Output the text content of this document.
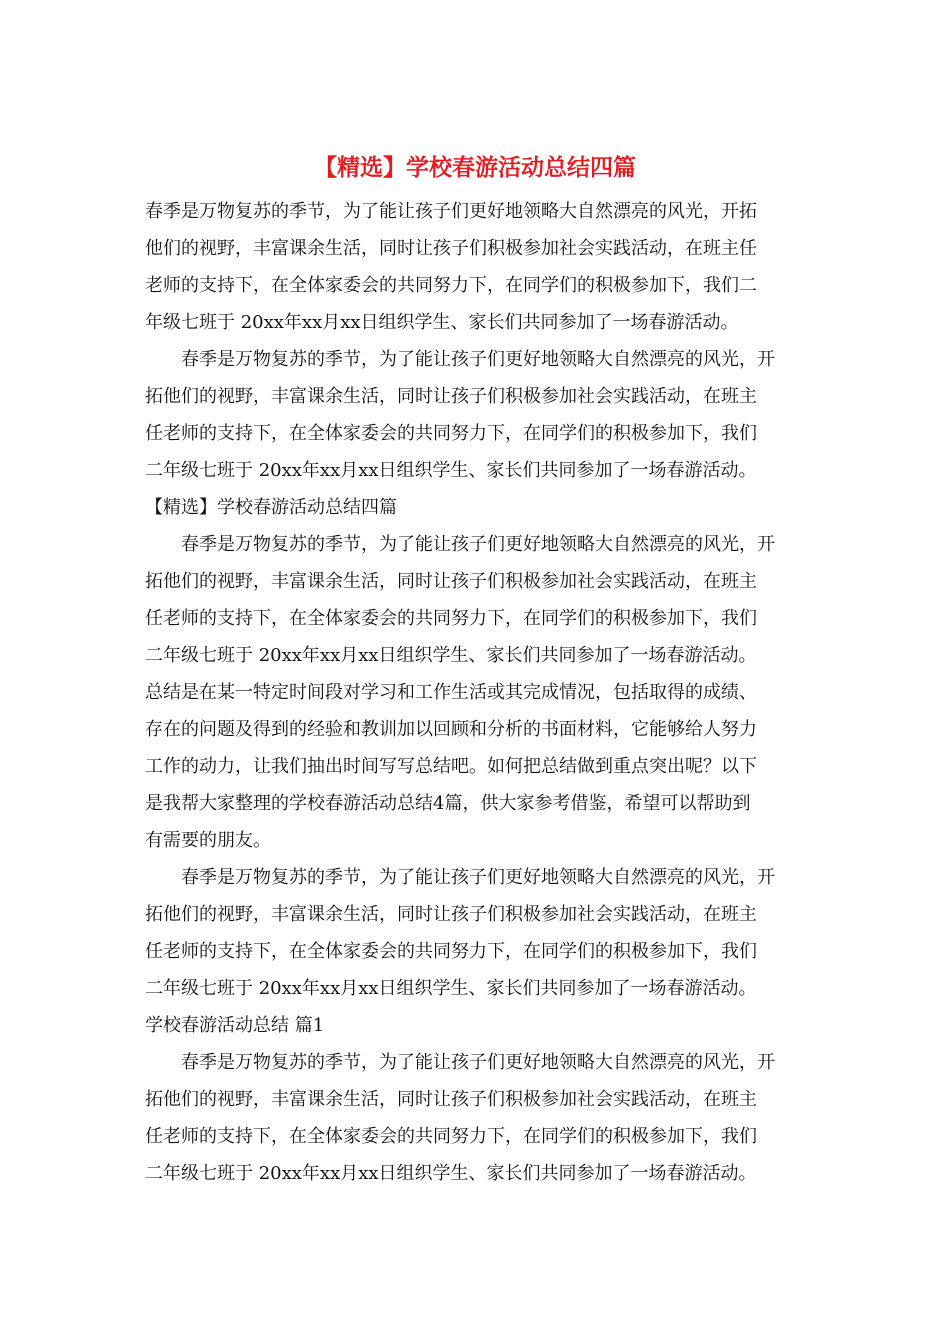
【精选】学校春游活动总结四篇
春季是万物复苏的季节，为了能让孩子们更好地领略大自然漂亮的风光，开拓
他们的视野，丰富课余生活，同时让孩子们积极参加社会实践活动，在班主任
老师的支持下，在全体家委会的共同努力下，在同学们的积极参加下，我们二
年级七班于 20xx年xx月xx日组织学生、家长们共同参加了一场春游活动。
　　春季是万物复苏的季节，为了能让孩子们更好地领略大自然漂亮的风光，开
拓他们的视野，丰富课余生活，同时让孩子们积极参加社会实践活动，在班主
任老师的支持下，在全体家委会的共同努力下，在同学们的积极参加下，我们
二年级七班于 20xx年xx月xx日组织学生、家长们共同参加了一场春游活动。
【精选】学校春游活动总结四篇
　　春季是万物复苏的季节，为了能让孩子们更好地领略大自然漂亮的风光，开
拓他们的视野，丰富课余生活，同时让孩子们积极参加社会实践活动，在班主
任老师的支持下，在全体家委会的共同努力下，在同学们的积极参加下，我们
二年级七班于 20xx年xx月xx日组织学生、家长们共同参加了一场春游活动。
总结是在某一特定时间段对学习和工作生活或其完成情况，包括取得的成绩、
存在的问题及得到的经验和教训加以回顾和分析的书面材料，它能够给人努力
工作的动力，让我们抽出时间写写总结吧。如何把总结做到重点突出呢？以下
是我帮大家整理的学校春游活动总结4篇，供大家参考借鉴，希望可以帮助到
有需要的朋友。
　　春季是万物复苏的季节，为了能让孩子们更好地领略大自然漂亮的风光，开
拓他们的视野，丰富课余生活，同时让孩子们积极参加社会实践活动，在班主
任老师的支持下，在全体家委会的共同努力下，在同学们的积极参加下，我们
二年级七班于 20xx年xx月xx日组织学生、家长们共同参加了一场春游活动。
学校春游活动总结 篇1
　　春季是万物复苏的季节，为了能让孩子们更好地领略大自然漂亮的风光，开
拓他们的视野，丰富课余生活，同时让孩子们积极参加社会实践活动，在班主
任老师的支持下，在全体家委会的共同努力下，在同学们的积极参加下，我们
二年级七班于 20xx年xx月xx日组织学生、家长们共同参加了一场春游活动。
